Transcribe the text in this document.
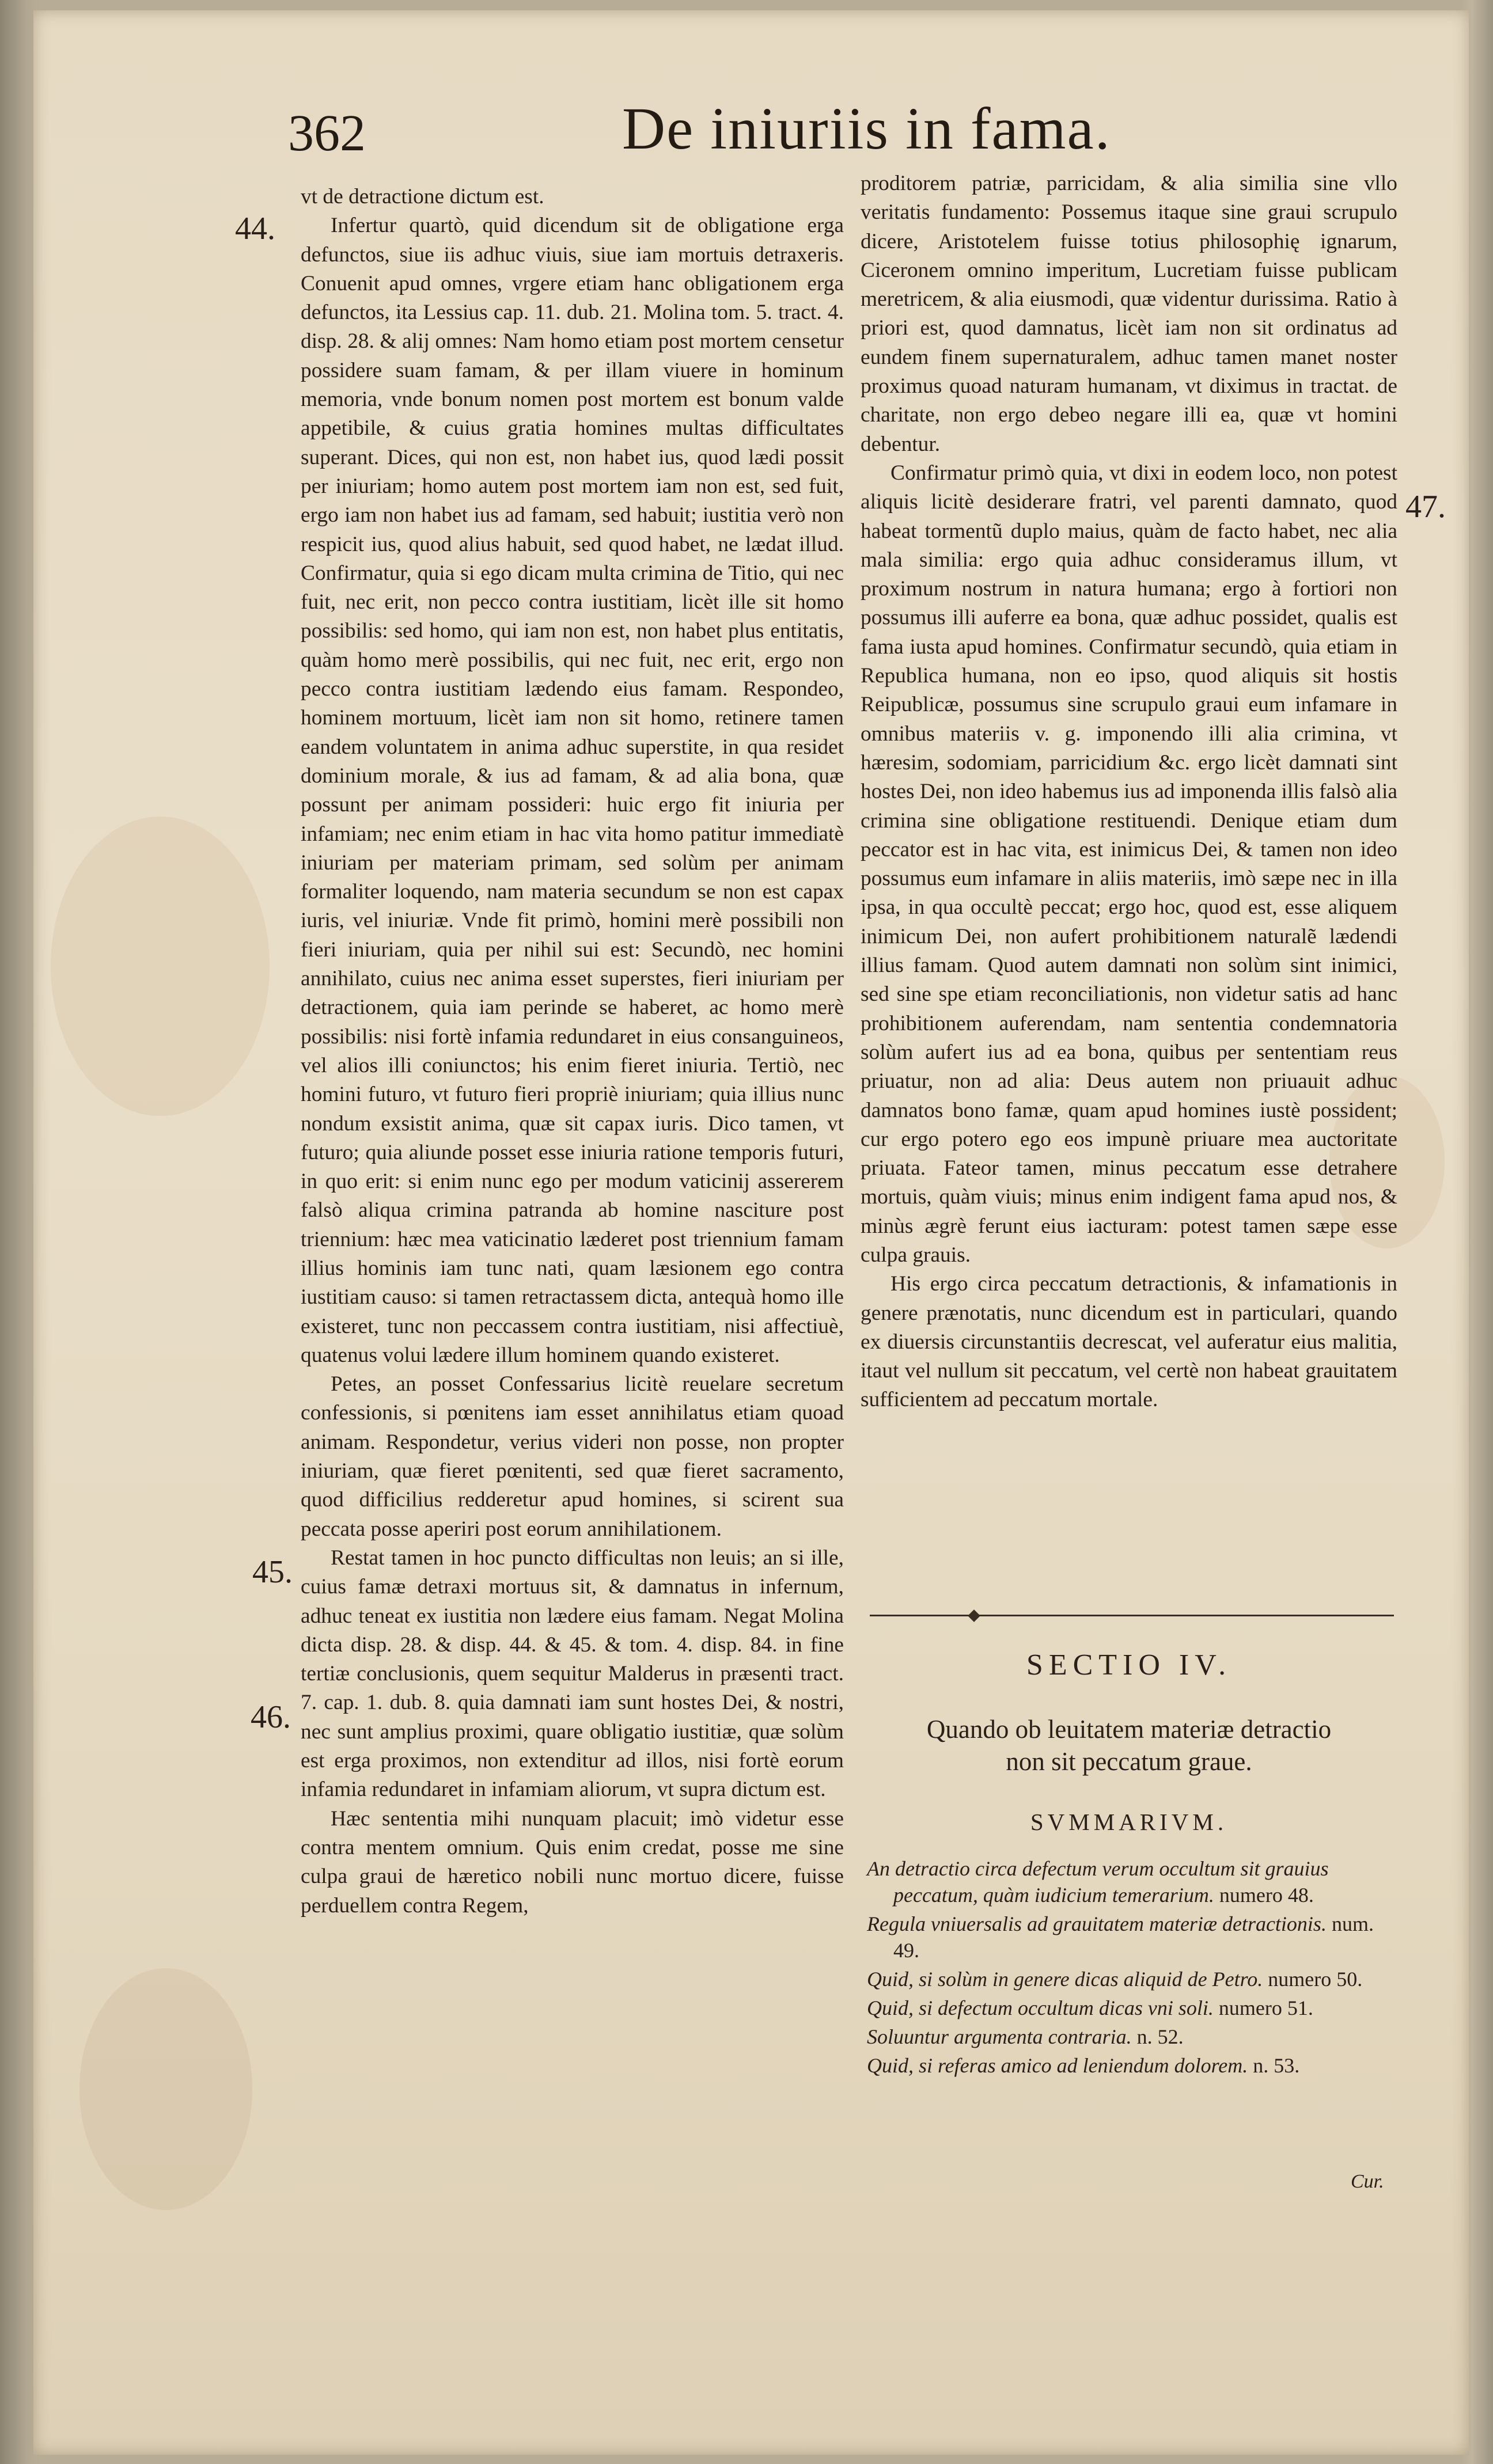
362	De iniuriis in fama.
44.
45.
46.
47.

vt de detractione dictum est.

Infertur quartò, quid dicendum sit de obligatione erga defunctos, siue iis adhuc viuis, siue iam mortuis detraxeris. Conuenit apud omnes, vrgere etiam hanc obligationem erga defunctos, ita Lessius cap. 11. dub. 21. Molina tom. 5. tract. 4. disp. 28. & alij omnes: Nam homo etiam post mortem censetur possidere suam famam, & per illam viuere in hominum memoria, vnde bonum nomen post mortem est bonum valde appetibile, & cuius gratia homines multas difficultates superant. Dices, qui non est, non habet ius, quod lædi possit per iniuriam; homo autem post mortem iam non est, sed fuit, ergo iam non habet ius ad famam, sed habuit; iustitia verò non respicit ius, quod alius habuit, sed quod habet, ne lædat illud. Confirmatur, quia si ego dicam multa crimina de Titio, qui nec fuit, nec erit, non pecco contra iustitiam, licèt ille sit homo possibilis: sed homo, qui iam non est, non habet plus entitatis, quàm homo merè possibilis, qui nec fuit, nec erit, ergo non pecco contra iustitiam lædendo eius famam. Respondeo, hominem mortuum, licèt iam non sit homo, retinere tamen eandem voluntatem in anima adhuc superstite, in qua residet dominium morale, & ius ad famam, & ad alia bona, quæ possunt per animam possideri: huic ergo fit iniuria per infamiam; nec enim etiam in hac vita homo patitur immediatè iniuriam per materiam primam, sed solùm per animam formaliter loquendo, nam materia secundum se non est capax iuris, vel iniuriæ. Vnde fit primò, homini merè possibili non fieri iniuriam, quia per nihil sui est: Secundò, nec homini annihilato, cuius nec anima esset superstes, fieri iniuriam per detractionem, quia iam perinde se haberet, ac homo merè possibilis: nisi fortè infamia redundaret in eius consanguineos, vel alios illi coniunctos; his enim fieret iniuria. Tertiò, nec homini futuro, vt futuro fieri propriè iniuriam; quia illius nunc nondum exsistit anima, quæ sit capax iuris. Dico tamen, vt futuro; quia aliunde posset esse iniuria ratione temporis futuri, in quo erit: si enim nunc ego per modum vaticinij assererem falsò aliqua crimina patranda ab homine nasciture post triennium: hæc mea vaticinatio læderet post triennium famam illius hominis iam tunc nati, quam læsionem ego contra iustitiam causo: si tamen retractassem dicta, antequà homo ille existeret, tunc non peccassem contra iustitiam, nisi affectiuè, quatenus volui lædere illum hominem quando existeret.

Petes, an posset Confessarius licitè reuelare secretum confessionis, si pœnitens iam esset annihilatus etiam quoad animam. Respondetur, verius videri non posse, non propter iniuriam, quæ fieret pœnitenti, sed quæ fieret sacramento, quod difficilius redderetur apud homines, si scirent sua peccata posse aperiri post eorum annihilationem.

Restat tamen in hoc puncto difficultas non leuis; an si ille, cuius famæ detraxi mortuus sit, & damnatus in infernum, adhuc teneat ex iustitia non lædere eius famam. Negat Molina dicta disp. 28. & disp. 44. & 45. & tom. 4. disp. 84. in fine tertiæ conclusionis, quem sequitur Malderus in præsenti tract. 7. cap. 1. dub. 8. quia damnati iam sunt hostes Dei, & nostri, nec sunt amplius proximi, quare obligatio iustitiæ, quæ solùm est erga proximos, non extenditur ad illos, nisi fortè eorum infamia redundaret in infamiam aliorum, vt supra dictum est.

Hæc sententia mihi nunquam placuit; imò videtur esse contra mentem omnium. Quis enim credat, posse me sine culpa graui de hæretico nobili nunc mortuo dicere, fuisse perduellem contra Regem,

proditorem patriæ, parricidam, & alia similia sine vllo veritatis fundamento: Possemus itaque sine graui scrupulo dicere, Aristotelem fuisse totius philosophię ignarum, Ciceronem omnino imperitum, Lucretiam fuisse publicam meretricem, & alia eiusmodi, quæ videntur durissima. Ratio à priori est, quod damnatus, licèt iam non sit ordinatus ad eundem finem supernaturalem, adhuc tamen manet noster proximus quoad naturam humanam, vt diximus in tractat. de charitate, non ergo debeo negare illi ea, quæ vt homini debentur.

Confirmatur primò quia, vt dixi in eodem loco, non potest aliquis licitè desiderare fratri, vel parenti damnato, quod habeat tormentũ duplo maius, quàm de facto habet, nec alia mala similia: ergo quia adhuc consideramus illum, vt proximum nostrum in natura humana; ergo à fortiori non possumus illi auferre ea bona, quæ adhuc possidet, qualis est fama iusta apud homines. Confirmatur secundò, quia etiam in Republica humana, non eo ipso, quod aliquis sit hostis Reipublicæ, possumus sine scrupulo graui eum infamare in omnibus materiis v. g. imponendo illi alia crimina, vt hæresim, sodomiam, parricidium &c. ergo licèt damnati sint hostes Dei, non ideo habemus ius ad imponenda illis falsò alia crimina sine obligatione restituendi. Denique etiam dum peccator est in hac vita, est inimicus Dei, & tamen non ideo possumus eum infamare in aliis materiis, imò sæpe nec in illa ipsa, in qua occultè peccat; ergo hoc, quod est, esse aliquem inimicum Dei, non aufert prohibitionem naturalẽ lædendi illius famam. Quod autem damnati non solùm sint inimici, sed sine spe etiam reconciliationis, non videtur satis ad hanc prohibitionem auferendam, nam sententia condemnatoria solùm aufert ius ad ea bona, quibus per sententiam reus priuatur, non ad alia: Deus autem non priuauit adhuc damnatos bono famæ, quam apud homines iustè possident; cur ergo potero ego eos impunè priuare mea auctoritate priuata. Fateor tamen, minus peccatum esse detrahere mortuis, quàm viuis; minus enim indigent fama apud nos, & minùs ægrè ferunt eius iacturam: potest tamen sæpe esse culpa grauis.

His ergo circa peccatum detractionis, & infamationis in genere prænotatis, nunc dicendum est in particulari, quando ex diuersis circunstantiis decrescat, vel auferatur eius malitia, itaut vel nullum sit peccatum, vel certè non habeat grauitatem sufficientem ad peccatum mortale.

SECTIO IV.
Quando ob leuitatem materiæ detractio
non sit peccatum graue.
SVMMARIVM.
An detractio circa defectum verum occultum sit grauius peccatum, quàm iudicium temerarium. numero 48.
Regula vniuersalis ad grauitatem materiæ detractionis. num. 49.
Quid, si solùm in genere dicas aliquid de Petro. numero 50.
Quid, si defectum occultum dicas vni soli. numero 51.
Soluuntur argumenta contraria. n. 52.
Quid, si referas amico ad leniendum dolorem. n. 53.
Cur.
